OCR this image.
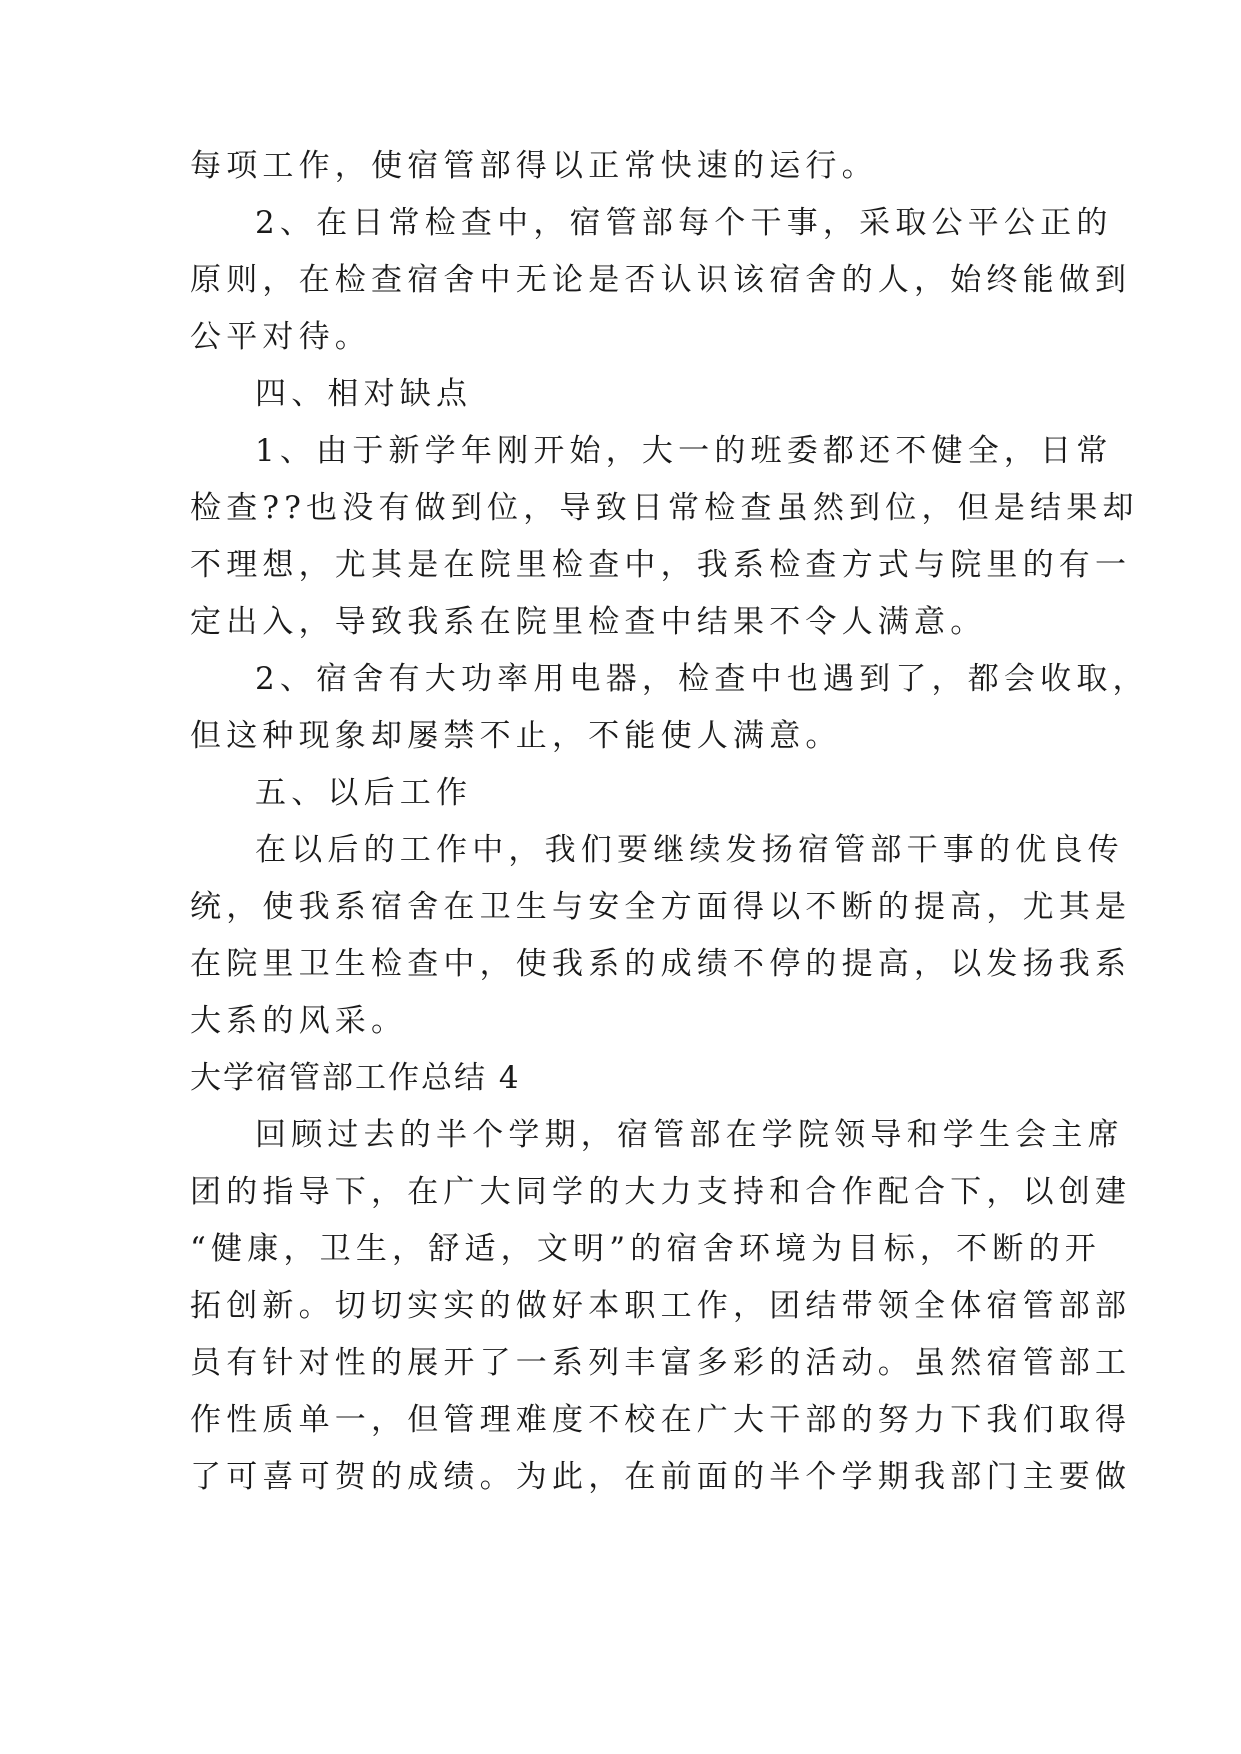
每项工作，使宿管部得以正常快速的运行。
2、在日常检查中，宿管部每个干事，采取公平公正的
原则，在检查宿舍中无论是否认识该宿舍的人，始终能做到
公平对待。
四、相对缺点
1、由于新学年刚开始，大一的班委都还不健全，日常
检查??也没有做到位，导致日常检查虽然到位，但是结果却
不理想，尤其是在院里检查中，我系检查方式与院里的有一
定出入，导致我系在院里检查中结果不令人满意。
2、宿舍有大功率用电器，检查中也遇到了，都会收取，
但这种现象却屡禁不止，不能使人满意。
五、以后工作
在以后的工作中，我们要继续发扬宿管部干事的优良传
统，使我系宿舍在卫生与安全方面得以不断的提高，尤其是
在院里卫生检查中，使我系的成绩不停的提高，以发扬我系
大系的风采。
大学宿管部工作总结 4
回顾过去的半个学期，宿管部在学院领导和学生会主席
团的指导下，在广大同学的大力支持和合作配合下，以创建
“健康，卫生，舒适，文明”的宿舍环境为目标，不断的开
拓创新。切切实实的做好本职工作，团结带领全体宿管部部
员有针对性的展开了一系列丰富多彩的活动。虽然宿管部工
作性质单一，但管理难度不校在广大干部的努力下我们取得
了可喜可贺的成绩。为此，在前面的半个学期我部门主要做
